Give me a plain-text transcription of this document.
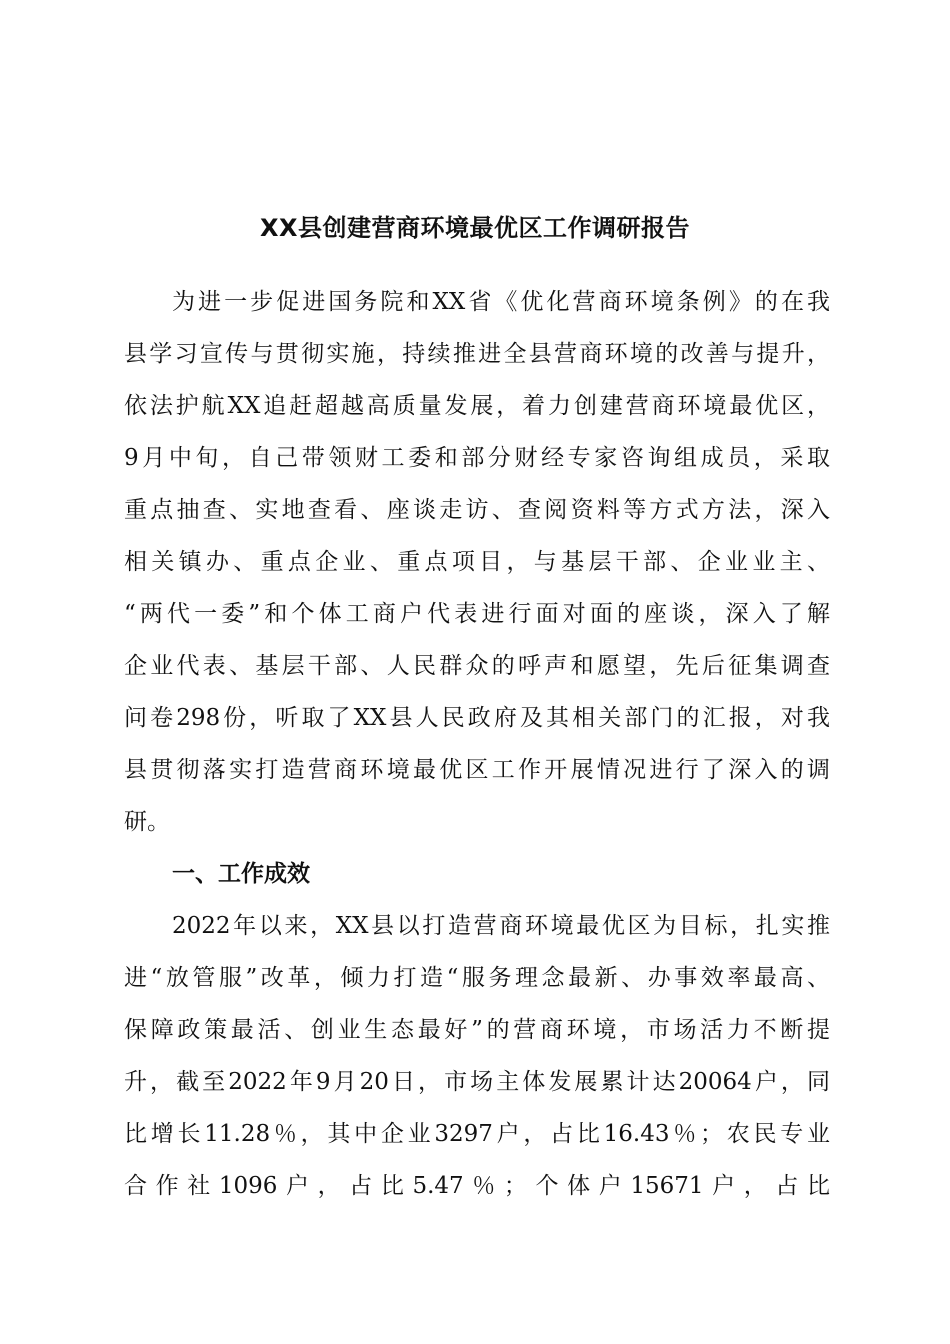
XX县创建营商环境最优区工作调研报告
为进一步促进国务院和XX省《优化营商环境条例》的在我
县学习宣传与贯彻实施，持续推进全县营商环境的改善与提升，
依法护航XX追赶超越高质量发展，着力创建营商环境最优区，
9月中旬，自己带领财工委和部分财经专家咨询组成员，采取
重点抽查、实地查看、座谈走访、查阅资料等方式方法，深入
相关镇办、重点企业、重点项目，与基层干部、企业业主、
“两代一委”和个体工商户代表进行面对面的座谈，深入了解
企业代表、基层干部、人民群众的呼声和愿望，先后征集调查
问卷298份，听取了XX县人民政府及其相关部门的汇报，对我
县贯彻落实打造营商环境最优区工作开展情况进行了深入的调
研。
一、工作成效
2022年以来，XX县以打造营商环境最优区为目标，扎实推
进“放管服”改革，倾力打造“服务理念最新、办事效率最高、
保障政策最活、创业生态最好”的营商环境，市场活力不断提
升，截至2022年9月20日，市场主体发展累计达20064户，同
比增长11.28％，其中企业3297户，占比16.43％；农民专业
合作社1096户，占比5.47％；个体户15671户，占比
